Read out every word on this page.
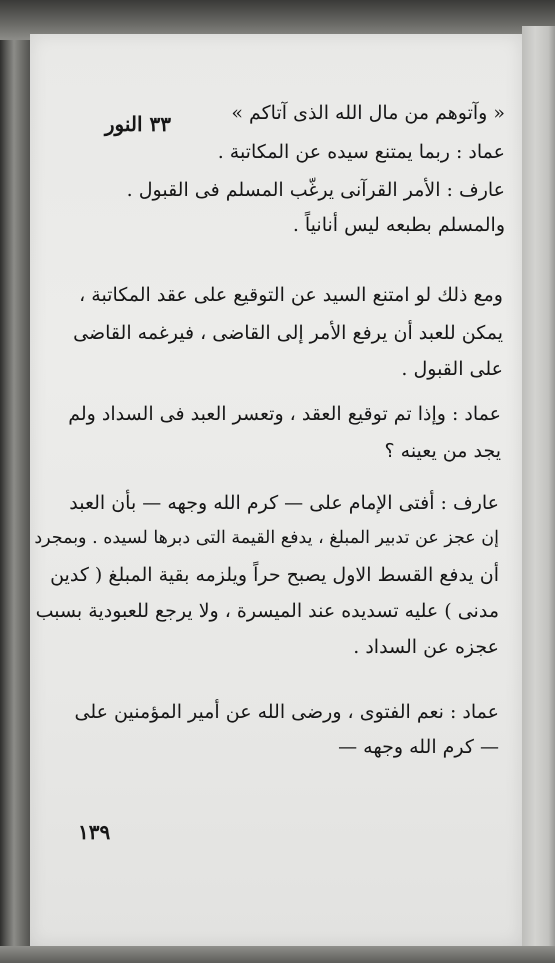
« وآتوهم من مال الله الذى آتاكم »
٣٣ النور
عماد : ربما يمتنع سيده عن المكاتبة .
عارف : الأمر القرآنى يرغّب المسلم فى القبول .
والمسلم بطبعه ليس أنانياً .
ومع ذلك لو امتنع السيد عن التوقيع على عقد المكاتبة ،
يمكن للعبد أن يرفع الأمر إلى القاضى ، فيرغمه القاضى
على القبول .
عماد : وإذا تم توقيع العقد ، وتعسر العبد فى السداد ولم
يجد من يعينه ؟
عارف : أفتى الإمام على — كرم الله وجهه — بأن العبد
إن عجز عن تدبير المبلغ ، يدفع القيمة التى دبرها لسيده . وبمجرد
أن يدفع القسط الاول يصبح حراً ويلزمه بقية المبلغ ( كدين
مدنى ) عليه تسديده عند الميسرة ، ولا يرجع للعبودية بسبب
عجزه عن السداد .
عماد : نعم الفتوى ، ورضى الله عن أمير المؤمنين على
— كرم الله وجهه —
١٣٩
